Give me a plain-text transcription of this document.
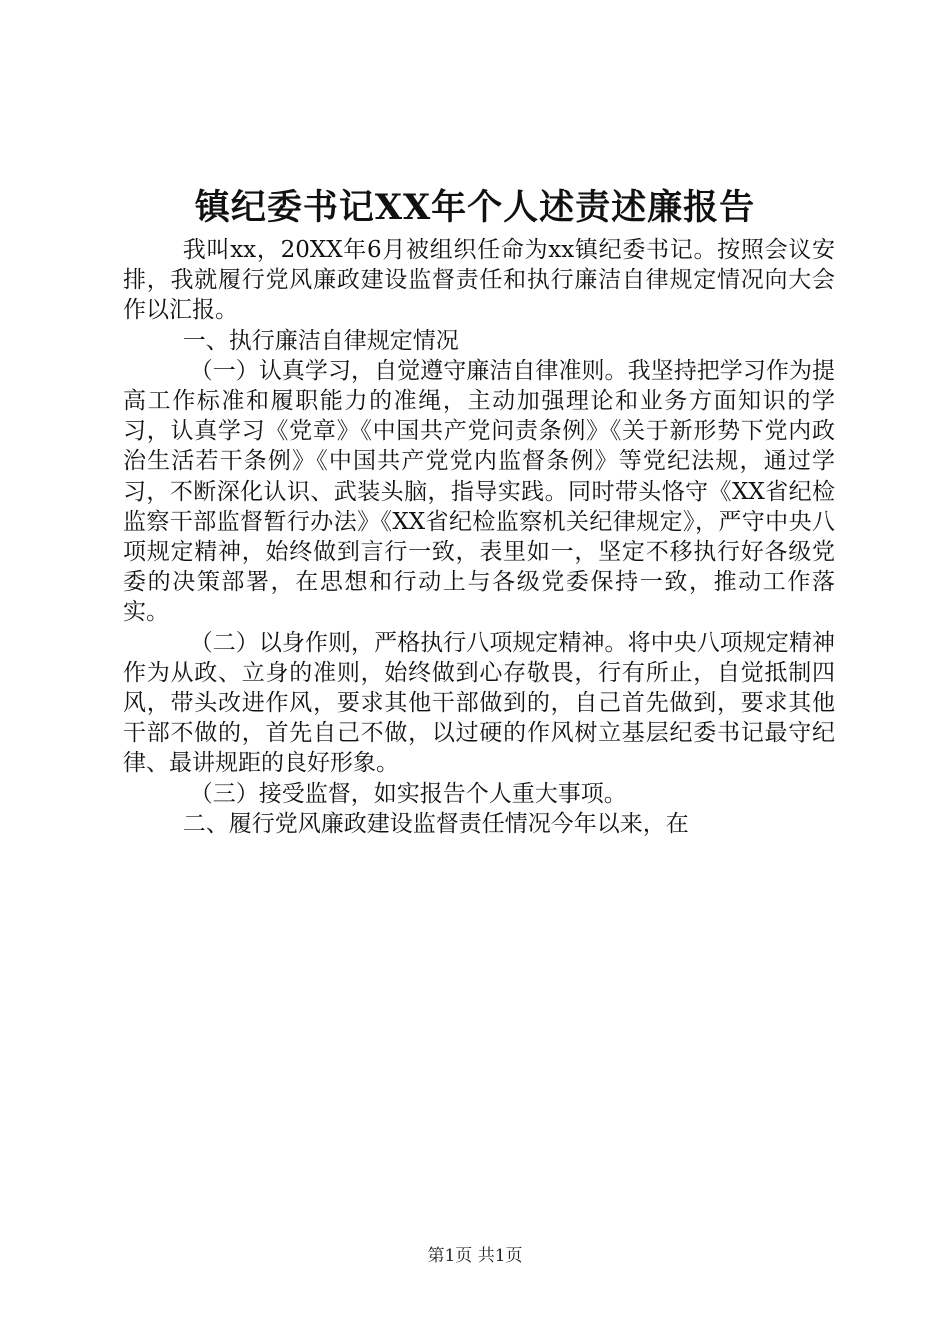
镇纪委书记XX年个人述责述廉报告

我叫xx，20XX年6月被组织任命为xx镇纪委书记。按照会议安排，我就履行党风廉政建设监督责任和执行廉洁自律规定情况向大会作以汇报。

一、执行廉洁自律规定情况

（一）认真学习，自觉遵守廉洁自律准则。我坚持把学习作为提高工作标准和履职能力的准绳，主动加强理论和业务方面知识的学习，认真学习《党章》《中国共产党问责条例》《关于新形势下党内政治生活若干条例》《中国共产党党内监督条例》等党纪法规，通过学习，不断深化认识、武装头脑，指导实践。同时带头恪守《XX省纪检监察干部监督暂行办法》《XX省纪检监察机关纪律规定》，严守中央八项规定精神，始终做到言行一致，表里如一，坚定不移执行好各级党委的决策部署，在思想和行动上与各级党委保持一致，推动工作落实。

（二）以身作则，严格执行八项规定精神。将中央八项规定精神作为从政、立身的准则，始终做到心存敬畏，行有所止，自觉抵制四风，带头改进作风，要求其他干部做到的，自己首先做到，要求其他干部不做的，首先自己不做，以过硬的作风树立基层纪委书记最守纪律、最讲规距的良好形象。

（三）接受监督，如实报告个人重大事项。

二、履行党风廉政建设监督责任情况今年以来，在

第1页 共1页
